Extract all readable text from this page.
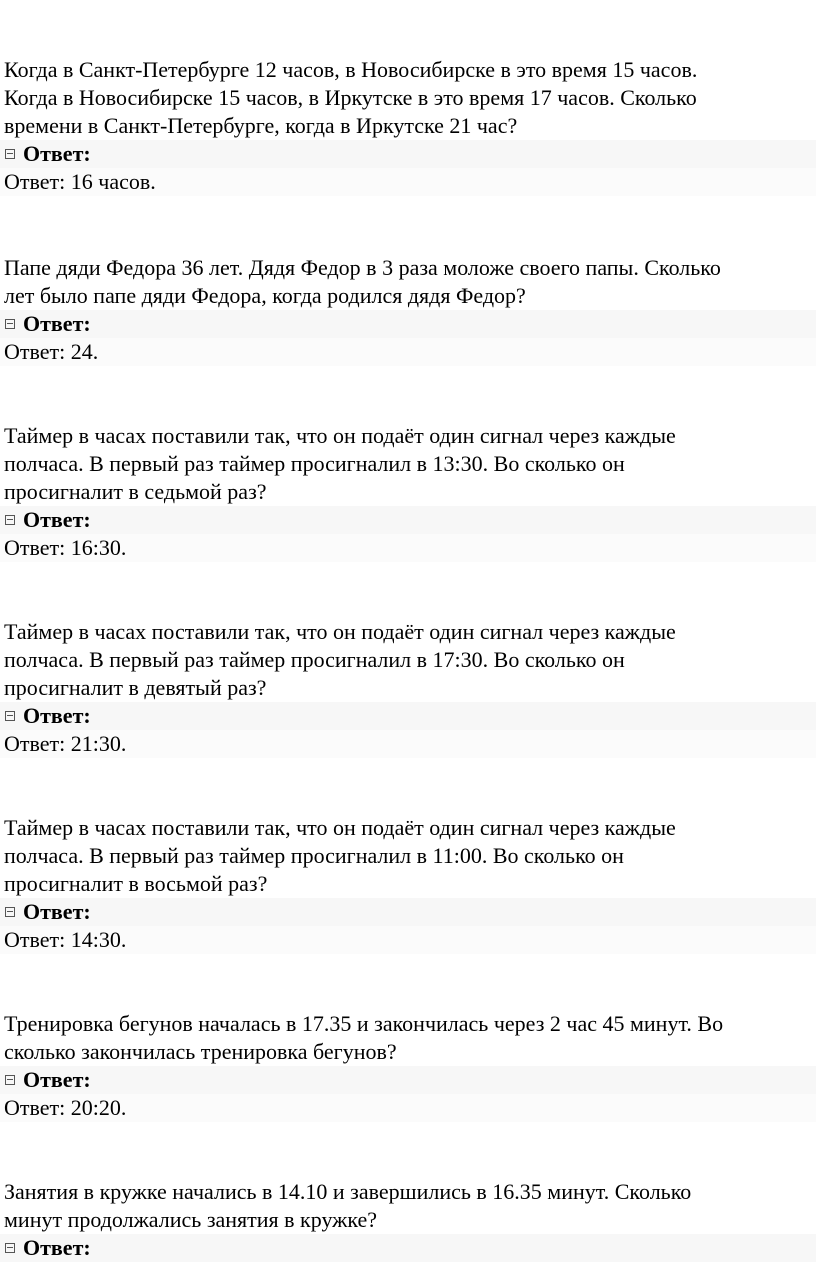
Когда в Санкт-Петербурге 12 часов, в Новосибирске в это время 15 часов.
Когда в Новосибирске 15 часов, в Иркутске в это время 17 часов. Сколько
времени в Санкт-Петербурге, когда в Иркутске 21 час?

Ответ:
Ответ: 16 часов.

Папе дяди Федора 36 лет. Дядя Федор в 3 раза моложе своего папы. Сколько
лет было папе дяди Федора, когда родился дядя Федор?

Ответ:
Ответ: 24.

Таймер в часах поставили так, что он подаёт один сигнал через каждые
полчаса. В первый раз таймер просигналил в 13:30. Во сколько он
просигналит в седьмой раз?

Ответ:
Ответ: 16:30.

Таймер в часах поставили так, что он подаёт один сигнал через каждые
полчаса. В первый раз таймер просигналил в 17:30. Во сколько он
просигналит в девятый раз?

Ответ:
Ответ: 21:30.

Таймер в часах поставили так, что он подаёт один сигнал через каждые
полчаса. В первый раз таймер просигналил в 11:00. Во сколько он
просигналит в восьмой раз?

Ответ:
Ответ: 14:30.

Тренировка бегунов началась в 17.35 и закончилась через 2 час 45 минут. Во
сколько закончилась тренировка бегунов?

Ответ:
Ответ: 20:20.

Занятия в кружке начались в 14.10 и завершились в 16.35 минут. Сколько
минут продолжались занятия в кружке?

Ответ:
